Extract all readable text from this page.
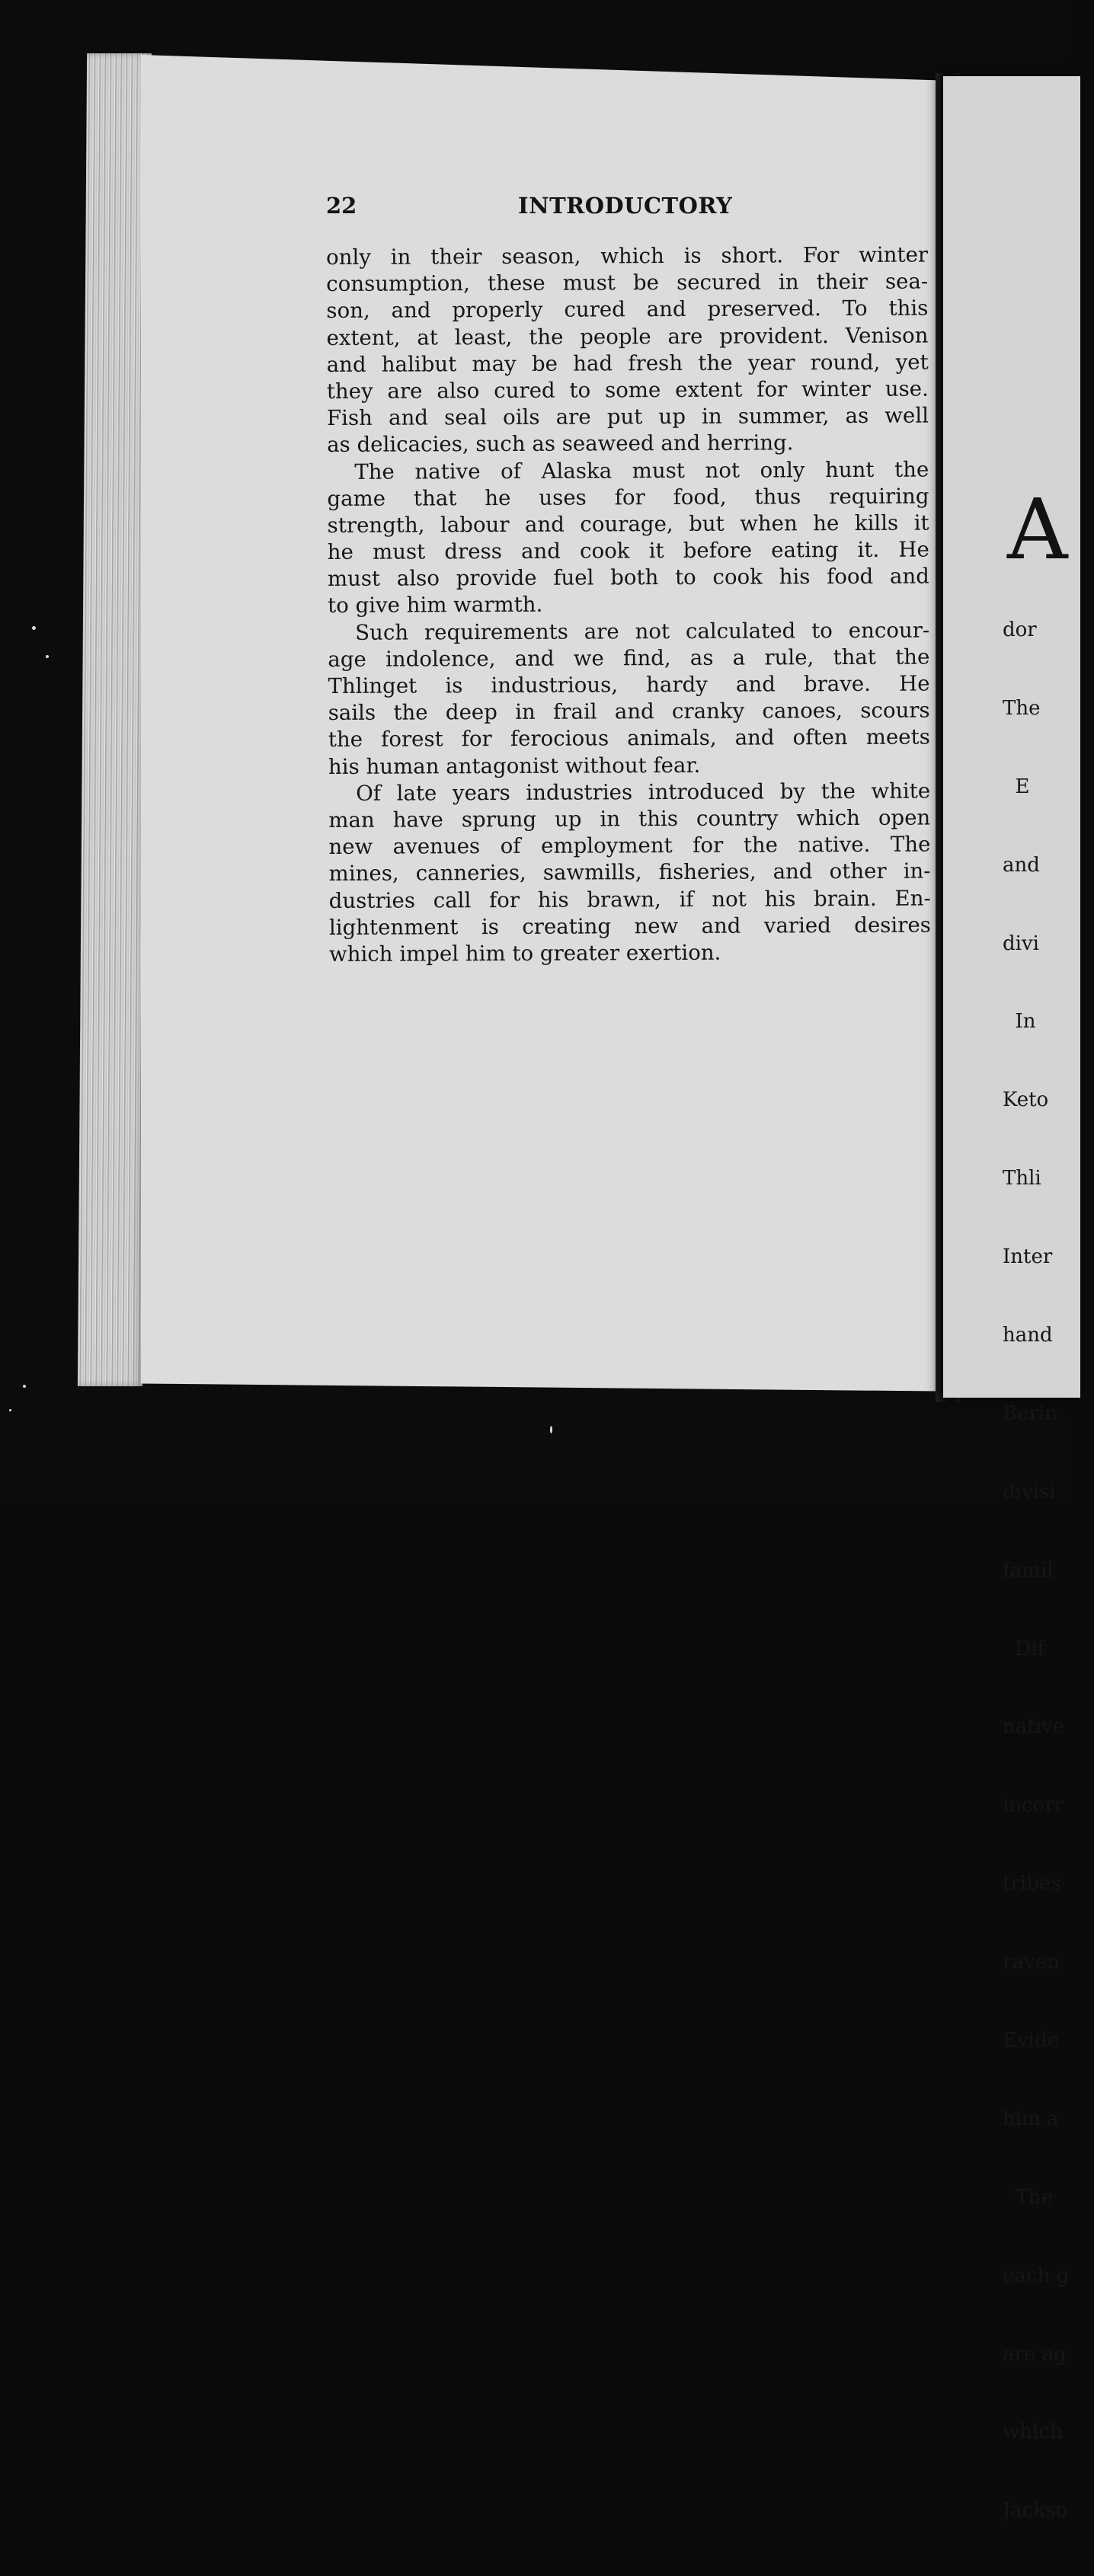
22	INTRODUCTORY
only in their season, which is short. For winter
consumption, these must be secured in their sea-
son, and properly cured and preserved. To this
extent, at least, the people are provident. Venison
and halibut may be had fresh the year round, yet
they are also cured to some extent for winter use.
Fish and seal oils are put up in summer, as well
as delicacies, such as seaweed and herring.
The native of Alaska must not only hunt the
game that he uses for food, thus requiring
strength, labour and courage, but when he kills it
he must dress and cook it before eating it. He
must also provide fuel both to cook his food and
to give him warmth.
Such requirements are not calculated to encour-
age indolence, and we find, as a rule, that the
Thlinget is industrious, hardy and brave. He
sails the deep in frail and cranky canoes, scours
the forest for ferocious animals, and often meets
his human antagonist without fear.
Of late years industries introduced by the white
man have sprung up in this country which open
new avenues of employment for the native. The
mines, canneries, sawmills, fisheries, and other in-
dustries call for his brawn, if not his brain. En-
lightenment is creating new and varied desires
which impel him to greater exertion.
A

dor

The

E

and

divi

In

Keto

Thli

Inter

hand

Berin

divisi

famil

Dif

native

incorr

tribes

raven

Evide

him a

The

each g

are ag

which

Jackso
